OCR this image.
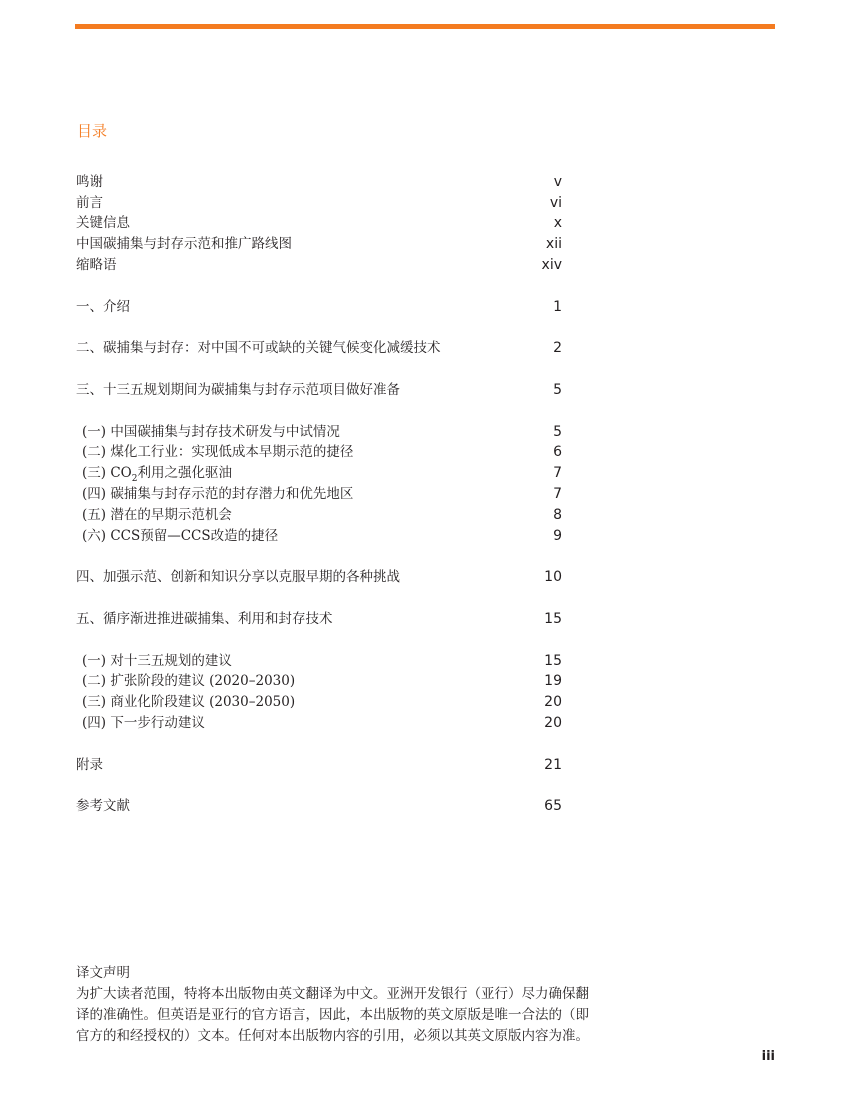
目录
鸣谢	v
前言	vi
关键信息	x
中国碳捕集与封存示范和推广路线图	xii
缩略语	xiv
一、介绍	1
二、碳捕集与封存：对中国不可或缺的关键气候变化减缓技术	2
三、十三五规划期间为碳捕集与封存示范项目做好准备	5
(一) 中国碳捕集与封存技术研发与中试情况	5
(二) 煤化工行业：实现低成本早期示范的捷径	6
(三) $CO_2$利用之强化驱油	7
(四) 碳捕集与封存示范的封存潜力和优先地区	7
(五) 潜在的早期示范机会	8
(六) CCS预留—CCS改造的捷径	9
四、加强示范、创新和知识分享以克服早期的各种挑战	10
五、循序渐进推进碳捕集、利用和封存技术	15
(一) 对十三五规划的建议	15
(二) 扩张阶段的建议 (2020–2030)	19
(三) 商业化阶段建议 (2030–2050)	20
(四) 下一步行动建议	20
附录	21
参考文献	65
译文声明
为扩大读者范围，特将本出版物由英文翻译为中文。亚洲开发银行（亚行）尽力确保翻
译的准确性。但英语是亚行的官方语言，因此，本出版物的英文原版是唯一合法的（即
官方的和经授权的）文本。任何对本出版物内容的引用，必须以其英文原版内容为准。
iii
